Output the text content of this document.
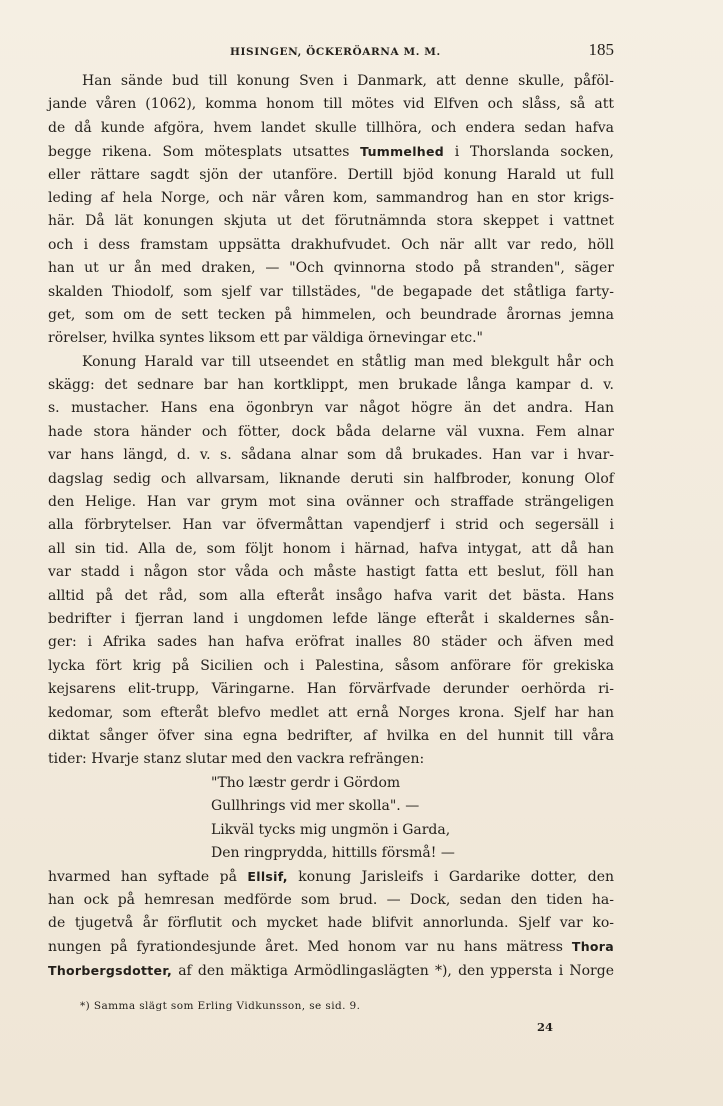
HISINGEN, ÖCKERÖARNA M. M.	185
Han sände bud till konung Sven i Danmark, att denne skulle, påföl-
jande våren (1062), komma honom till mötes vid Elfven och slåss, så att
de då kunde afgöra, hvem landet skulle tillhöra, och endera sedan hafva
begge rikena. Som mötesplats utsattes Tummelhed i Thorslanda socken,
eller rättare sagdt sjön der utanföre. Dertill bjöd konung Harald ut full
leding af hela Norge, och när våren kom, sammandrog han en stor krigs-
här. Då lät konungen skjuta ut det förutnämnda stora skeppet i vattnet
och i dess framstam uppsätta drakhufvudet. Och när allt var redo, höll
han ut ur ån med draken, — "Och qvinnorna stodo på stranden", säger
skalden Thiodolf, som sjelf var tillstädes, "de begapade det ståtliga farty-
get, som om de sett tecken på himmelen, och beundrade årornas jemna
rörelser, hvilka syntes liksom ett par väldiga örnevingar etc."
Konung Harald var till utseendet en ståtlig man med blekgult hår och
skägg: det sednare bar han kortklippt, men brukade långa kampar d. v.
s. mustacher. Hans ena ögonbryn var något högre än det andra. Han
hade stora händer och fötter, dock båda delarne väl vuxna. Fem alnar
var hans längd, d. v. s. sådana alnar som då brukades. Han var i hvar-
dagslag sedig och allvarsam, liknande deruti sin halfbroder, konung Olof
den Helige. Han var grym mot sina ovänner och straffade strängeligen
alla förbrytelser. Han var öfvermåttan vapendjerf i strid och segersäll i
all sin tid. Alla de, som följt honom i härnad, hafva intygat, att då han
var stadd i någon stor våda och måste hastigt fatta ett beslut, föll han
alltid på det råd, som alla efteråt insågo hafva varit det bästa. Hans
bedrifter i fjerran land i ungdomen lefde länge efteråt i skaldernes sån-
ger: i Afrika sades han hafva eröfrat inalles 80 städer och äfven med
lycka fört krig på Sicilien och i Palestina, såsom anförare för grekiska
kejsarens elit-trupp, Väringarne. Han förvärfvade derunder oerhörda ri-
kedomar, som efteråt blefvo medlet att ernå Norges krona. Sjelf har han
diktat sånger öfver sina egna bedrifter, af hvilka en del hunnit till våra
tider: Hvarje stanz slutar med den vackra refrängen:
"Tho læstr gerdr i Gördom
Gullhrings vid mer skolla". —
Likväl tycks mig ungmön i Garda,
Den ringprydda, hittills försmå! —
hvarmed han syftade på Ellsif, konung Jarisleifs i Gardarike dotter, den
han ock på hemresan medförde som brud. — Dock, sedan den tiden ha-
de tjugetvå år förflutit och mycket hade blifvit annorlunda. Sjelf var ko-
nungen på fyrationdesjunde året. Med honom var nu hans mätress Thora
Thorbergsdotter, af den mäktiga Armödlingaslägten *), den yppersta i Norge
*) Samma slägt som Erling Vidkunsson, se sid. 9.
24
